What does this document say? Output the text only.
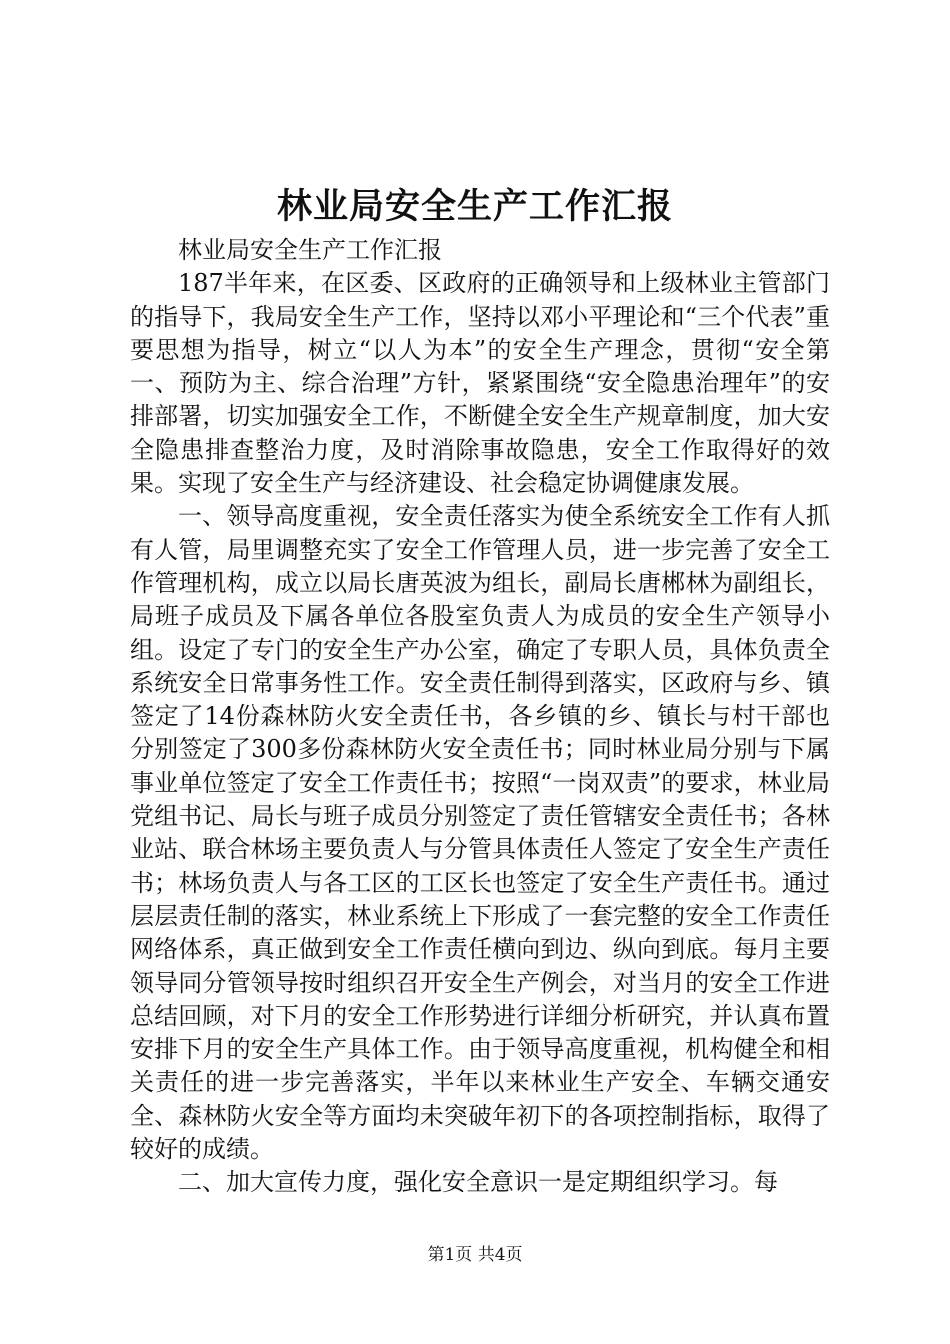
林业局安全生产工作汇报

林业局安全生产工作汇报

187半年来，在区委、区政府的正确领导和上级林业主管部门的指导下，我局安全生产工作，坚持以邓小平理论和“三个代表”重要思想为指导，树立“以人为本”的安全生产理念，贯彻“安全第一、预防为主、综合治理”方针，紧紧围绕“安全隐患治理年”的安排部署，切实加强安全工作，不断健全安全生产规章制度，加大安全隐患排查整治力度，及时消除事故隐患，安全工作取得好的效果。实现了安全生产与经济建设、社会稳定协调健康发展。

一、领导高度重视，安全责任落实为使全系统安全工作有人抓有人管，局里调整充实了安全工作管理人员，进一步完善了安全工作管理机构，成立以局长唐英波为组长，副局长唐郴林为副组长，局班子成员及下属各单位各股室负责人为成员的安全生产领导小组。设定了专门的安全生产办公室，确定了专职人员，具体负责全系统安全日常事务性工作。安全责任制得到落实，区政府与乡、镇签定了14份森林防火安全责任书，各乡镇的乡、镇长与村干部也分别签定了300多份森林防火安全责任书；同时林业局分别与下属事业单位签定了安全工作责任书；按照“一岗双责”的要求，林业局党组书记、局长与班子成员分别签定了责任管辖安全责任书；各林业站、联合林场主要负责人与分管具体责任人签定了安全生产责任书；林场负责人与各工区的工区长也签定了安全生产责任书。通过层层责任制的落实，林业系统上下形成了一套完整的安全工作责任网络体系，真正做到安全工作责任横向到边、纵向到底。每月主要领导同分管领导按时组织召开安全生产例会，对当月的安全工作进总结回顾，对下月的安全工作形势进行详细分析研究，并认真布置安排下月的安全生产具体工作。由于领导高度重视，机构健全和相关责任的进一步完善落实，半年以来林业生产安全、车辆交通安全、森林防火安全等方面均未突破年初下的各项控制指标，取得了较好的成绩。

二、加大宣传力度，强化安全意识一是定期组织学习。每

第1页 共4页
